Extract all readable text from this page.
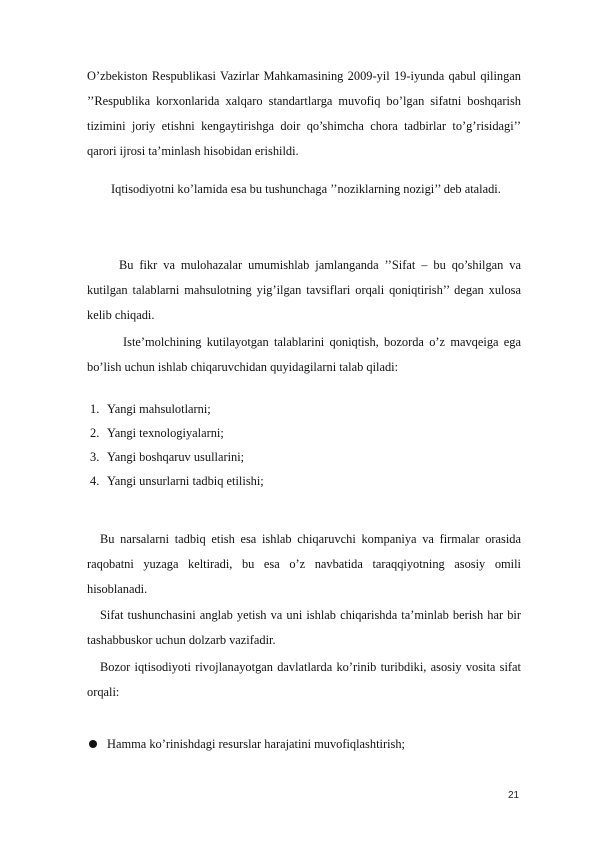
O’zbekiston Respublikasi Vazirlar Mahkamasining 2009-yil 19-iyunda qabul qilingan ’’Respublika korxonlarida xalqaro standartlarga muvofiq bo’lgan sifatni boshqarish tizimini joriy etishni kengaytirishga doir qo’shimcha chora tadbirlar to’g’risidagi’’ qarori ijrosi ta’minlash hisobidan erishildi.

Iqtisodiyotni ko’lamida esa bu tushunchaga ’’noziklarning nozigi’’ deb ataladi.

Bu fikr va mulohazalar umumishlab jamlanganda ’’Sifat – bu qo’shilgan va kutilgan talablarni mahsulotning yig’ilgan tavsiflari orqali qoniqtirish’’ degan xulosa kelib chiqadi.

Iste’molchining kutilayotgan talablarini qoniqtish, bozorda o’z mavqeiga ega bo’lish uchun ishlab chiqaruvchidan quyidagilarni talab qiladi:

1. Yangi mahsulotlarni;
2. Yangi texnologiyalarni;
3. Yangi boshqaruv usullarini;
4. Yangi unsurlarni tadbiq etilishi;

Bu narsalarni tadbiq etish esa ishlab chiqaruvchi kompaniya va firmalar orasida raqobatni yuzaga keltiradi, bu esa o’z navbatida taraqqiyotning asosiy omili hisoblanadi.

Sifat tushunchasini anglab yetish va uni ishlab chiqarishda ta’minlab berish har bir tashabbuskor uchun dolzarb vazifadir.

Bozor iqtisodiyoti rivojlanayotgan davlatlarda ko’rinib turibdiki, asosiy vosita sifat orqali:

Hamma ko’rinishdagi resurslar harajatini muvofiqlashtirish;
21
